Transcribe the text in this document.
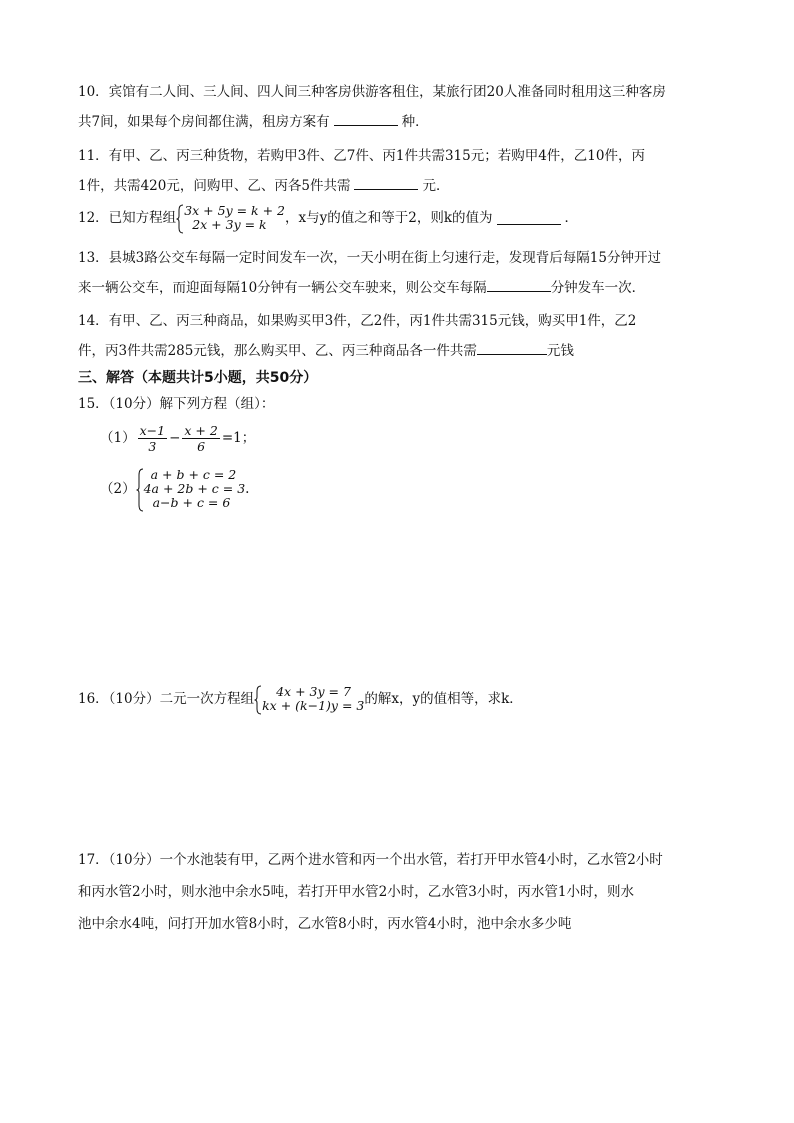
10．宾馆有二人间、三人间、四人间三种客房供游客租住，某旅行团20人准备同时租用这三种客房
共7间，如果每个房间都住满，租房方案有	种．
11．有甲、乙、丙三种货物，若购甲3件、乙7件、丙1件共需315元；若购甲4件，乙10件，丙
1件，共需420元，问购甲、乙、丙各5件共需	元．
12．已知方程组 3x + 5y = k + 2
2x + 3y = k	，x与y的值之和等于2，则k的值为	．
13．县城3路公交车每隔一定时间发车一次，一天小明在街上匀速行走，发现背后每隔15分钟开过
来一辆公交车，而迎面每隔10分钟有一辆公交车驶来，则公交车每隔	分钟发车一次．
14．有甲、乙、丙三种商品，如果购买甲3件，乙2件，丙1件共需315元钱，购买甲1件，乙2
件，丙3件共需285元钱，那么购买甲、乙、丙三种商品各一件共需	元钱
三、解答（本题共计5小题，共50分）
15．（10分）解下列方程（组）：
$(1) \frac{x-1}{3} - \frac{x + 2}{6} =1$；
（2）
a + b + c = 2
4a + 2b + c = 3
a−b + c = 6
.
16．（10分）二元一次方程组	4x + 3y = 7
kx + (k−1)y = 3 的解x，y的值相等，求k．
17．（10分）一个水池装有甲，乙两个进水管和丙一个出水管，若打开甲水管4小时，乙水管2小时
和丙水管2小时，则水池中余水5吨，若打开甲水管2小时，乙水管3小时，丙水管1小时，则水
池中余水4吨，问打开加水管8小时，乙水管8小时，丙水管4小时，池中余水多少吨
